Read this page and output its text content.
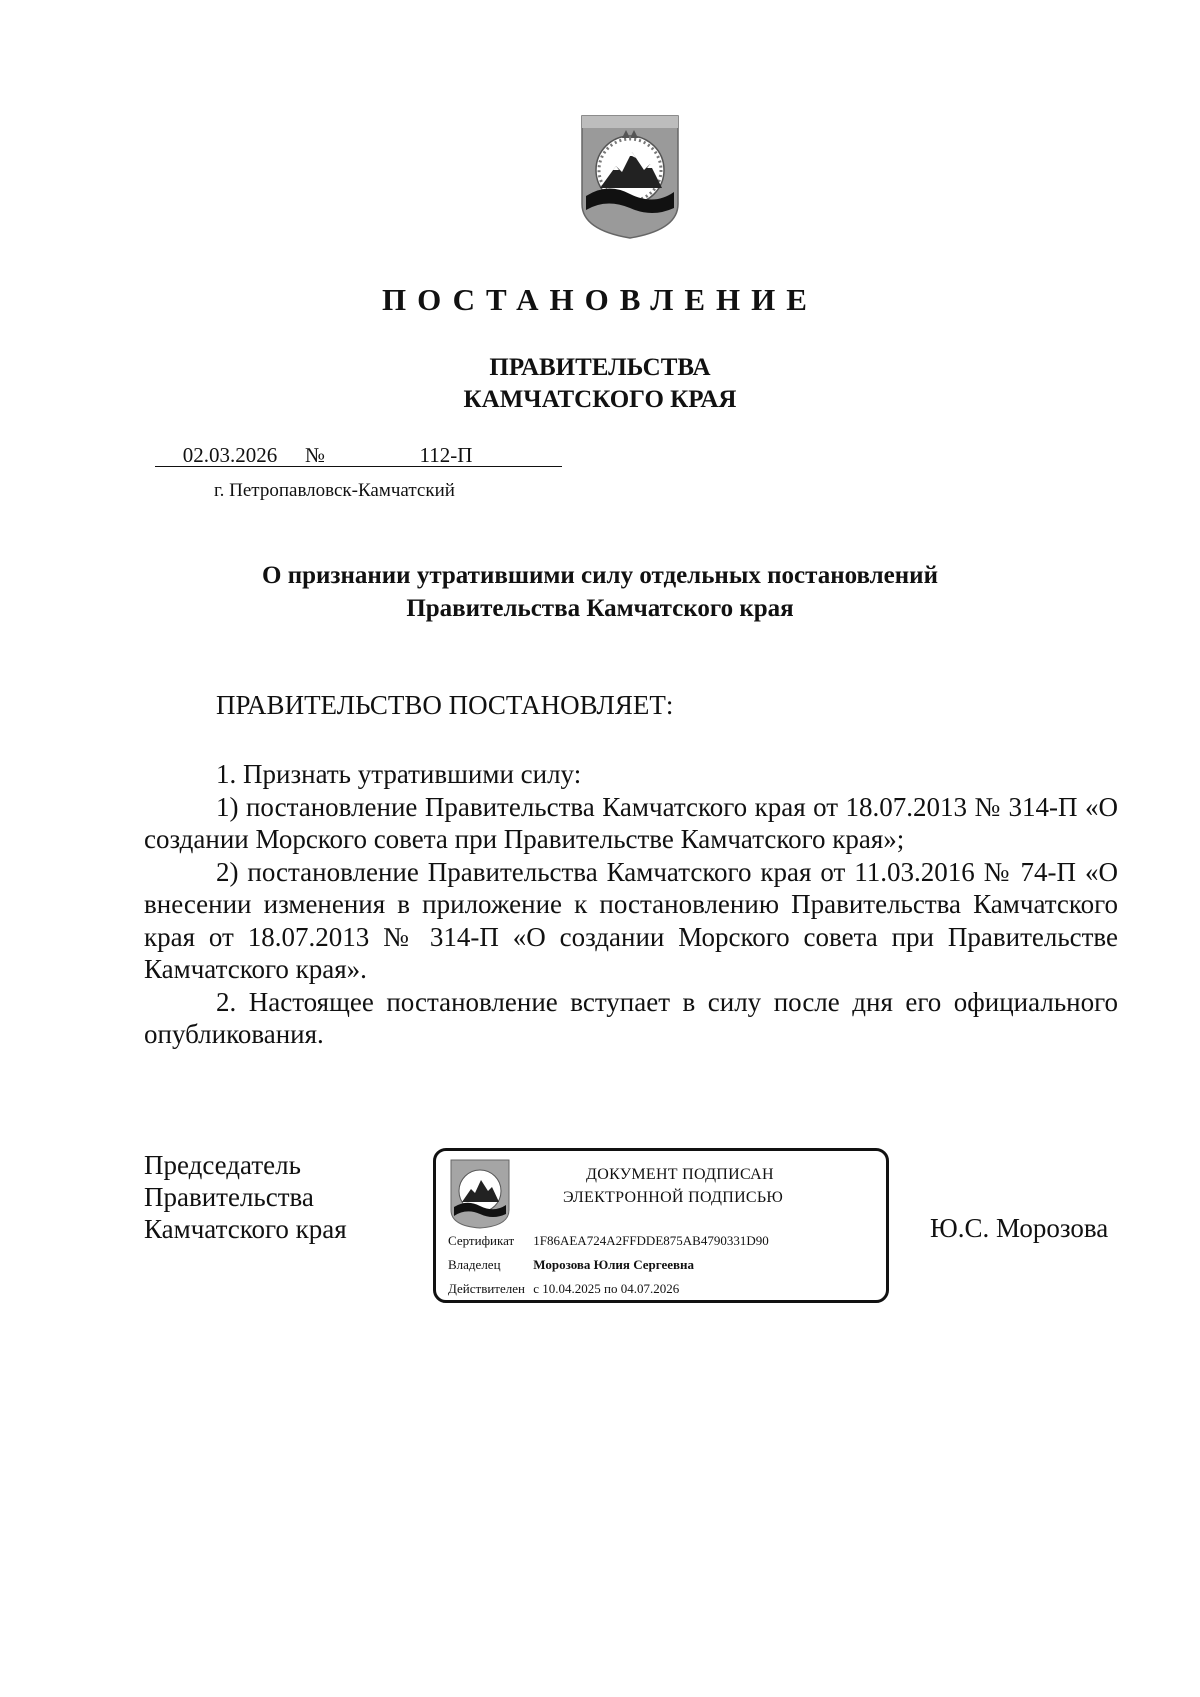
ПОСТАНОВЛЕНИЕ
ПРАВИТЕЛЬСТВА
КАМЧАТСКОГО КРАЯ
02.03.2026	№	112-П
г. Петропавловск-Камчатский
О признании утратившими силу отдельных постановлений
Правительства Камчатского края
ПРАВИТЕЛЬСТВО ПОСТАНОВЛЯЕТ:

1. Признать утратившими силу:

1) постановление Правительства Камчатского края от 18.07.2013 № 314-П «О создании Морского совета при Правительстве Камчатского края»;

2) постановление Правительства Камчатского края от 11.03.2016 № 74-П «О внесении изменения в приложение к постановлению Правительства Камчатского края от 18.07.2013 № 314-П «О создании Морского совета при Правительстве Камчатского края».

2. Настоящее постановление вступает в силу после дня его официального опубликования.

Председатель
Правительства
Камчатского края	Ю.С. Морозова
ДОКУМЕНТ ПОДПИСАН
ЭЛЕКТРОННОЙ ПОДПИСЬЮ
Сертификат 1F86AEA724A2FFDDE875AB4790331D90
Владелец	Морозова Юлия Сергеевна
Действителен с 10.04.2025 по 04.07.2026
